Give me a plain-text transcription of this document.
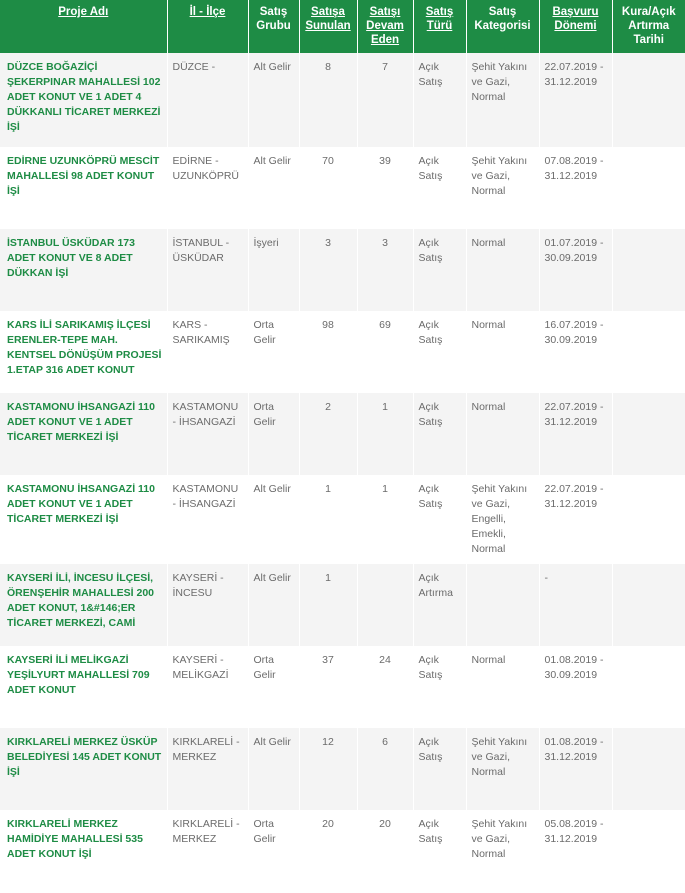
Proje Adı	İl - İlçe	Satış Grubu	Satışa Sunulan	Satışı Devam Eden	Satış Türü	Satış Kategorisi	Başvuru Dönemi	Kura/Açık Artırma Tarihi
DÜZCE BOĞAZİÇİ ŞEKERPINAR MAHALLESİ 102 ADET KONUT VE 1 ADET 4 DÜKKANLI TİCARET MERKEZİ İŞİ	DÜZCE -	Alt Gelir	8	7	Açık Satış	Şehit Yakını ve Gazi, Normal	22.07.2019 - 31.12.2019	
EDİRNE UZUNKÖPRÜ MESCİT MAHALLESİ 98 ADET KONUT İŞİ	EDİRNE - UZUNKÖPRÜ	Alt Gelir	70	39	Açık Satış	Şehit Yakını ve Gazi, Normal	07.08.2019 - 31.12.2019	
İSTANBUL ÜSKÜDAR 173 ADET KONUT VE 8 ADET DÜKKAN İŞİ	İSTANBUL - ÜSKÜDAR	İşyeri	3	3	Açık Satış	Normal	01.07.2019 - 30.09.2019	
KARS İLİ SARIKAMIŞ İLÇESİ ERENLER-TEPE MAH. KENTSEL DÖNÜŞÜM PROJESİ 1.ETAP 316 ADET KONUT	KARS - SARIKAMIŞ	Orta Gelir	98	69	Açık Satış	Normal	16.07.2019 - 30.09.2019	
KASTAMONU İHSANGAZİ 110 ADET KONUT VE 1 ADET TİCARET MERKEZİ İŞİ	KASTAMONU - İHSANGAZİ	Orta Gelir	2	1	Açık Satış	Normal	22.07.2019 - 31.12.2019	
KASTAMONU İHSANGAZİ 110 ADET KONUT VE 1 ADET TİCARET MERKEZİ İŞİ	KASTAMONU - İHSANGAZİ	Alt Gelir	1	1	Açık Satış	Şehit Yakını ve Gazi, Engelli, Emekli, Normal	22.07.2019 - 31.12.2019	
KAYSERİ İLİ, İNCESU İLÇESİ, ÖRENŞEHİR MAHALLESİ 200 ADET KONUT, 1&#146;ER TİCARET MERKEZİ, CAMİ	KAYSERİ - İNCESU	Alt Gelir	1		Açık Artırma		-	
KAYSERİ İLİ MELİKGAZİ YEŞİLYURT MAHALLESİ 709 ADET KONUT	KAYSERİ - MELİKGAZİ	Orta Gelir	37	24	Açık Satış	Normal	01.08.2019 - 30.09.2019	
KIRKLARELİ MERKEZ ÜSKÜP BELEDİYESİ 145 ADET KONUT İŞİ	KIRKLARELİ - MERKEZ	Alt Gelir	12	6	Açık Satış	Şehit Yakını ve Gazi, Normal	01.08.2019 - 31.12.2019	
KIRKLARELİ MERKEZ HAMİDİYE MAHALLESİ 535 ADET KONUT İŞİ	KIRKLARELİ - MERKEZ	Orta Gelir	20	20	Açık Satış	Şehit Yakını ve Gazi, Normal	05.08.2019 - 31.12.2019	
